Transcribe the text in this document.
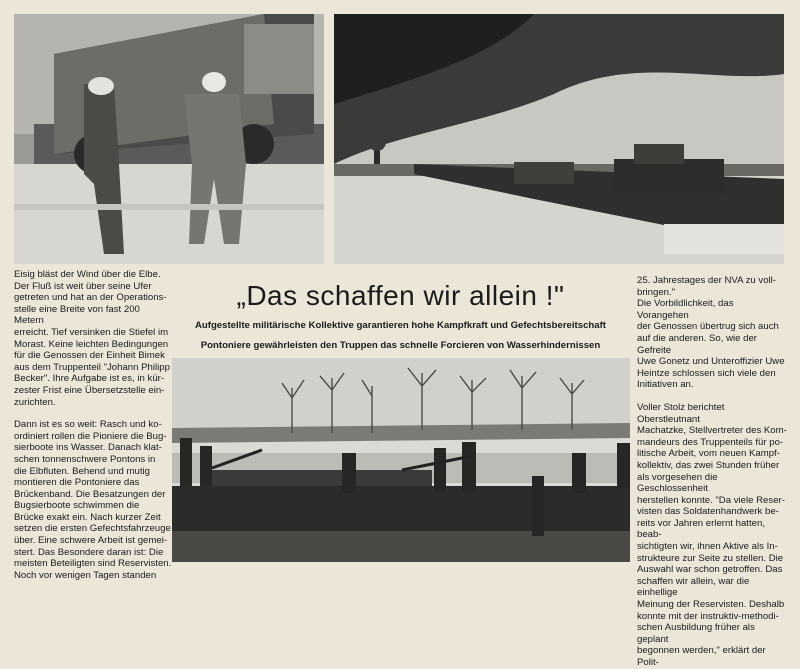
Eisig bläst der Wind über die Elbe.
Der Fluß ist weit über seine Ufer
getreten und hat an der Operations-
stelle eine Breite von fast 200 Metern
erreicht. Tief versinken die Stiefel im
Morast. Keine leichten Bedingungen
für die Genossen der Einheit Bimek
aus dem Truppenteil "Johann Philipp
Becker". Ihre Aufgabe ist es, in kür-
zester Frist eine Übersetzstelle ein-
zurichten.

Dann ist es so weit: Rasch und ko-
ordiniert rollen die Pioniere die Bug-
sierboote ins Wasser. Danach klat-
schen tonnenschwere Pontons in
die Elbfluten. Behend und mutig
montieren die Pontoniere das
Brückenband. Die Besatzungen der
Bugsierboote schwimmen die
Brücke exakt ein. Nach kurzer Zeit
setzen die ersten Gefechtsfahrzeuge
über. Eine schwere Arbeit ist gemei-
stert. Das Besondere daran ist: Die
meisten Beteiligten sind Reservisten.
Noch vor wenigen Tagen standen

„Das schaffen wir allein !"

Aufgestellte militärische Kollektive garantieren hohe Kampfkraft und Gefechtsbereitschaft

Pontoniere gewährleisten den Truppen das schnelle Forcieren von Wasserhindernissen

25. Jahrestages der NVA zu voll-
bringen."
Die Vorbildlichkeit, das Vorangehen
der Genossen übertrug sich auch
auf die anderen. So, wie der Gefreite
Uwe Gonetz und Unteroffizier Uwe
Heintze schlossen sich viele den
Initiativen an.

Voller Stolz berichtet Oberstleutnant
Machatzke, Stellvertreter des Kom-
mandeurs des Truppenteils für po-
litische Arbeit, vom neuen Kampf-
kollektiv, das zwei Stunden früher
als vorgesehen die Geschlossenheit
herstellen konnte. "Da viele Reser-
visten das Soldatenhandwerk be-
reits vor Jahren erlernt hatten, beab-
sichtigten wir, ihnen Aktive als In-
strukteure zur Seite zu stellen. Die
Auswahl war schon getroffen. Das
schaffen wir allein, war die einhellige
Meinung der Reservisten. Deshalb
konnte mit der instruktiv-methodi-
schen Ausbildung früher als geplant
begonnen werden," erklärt der Polit-
